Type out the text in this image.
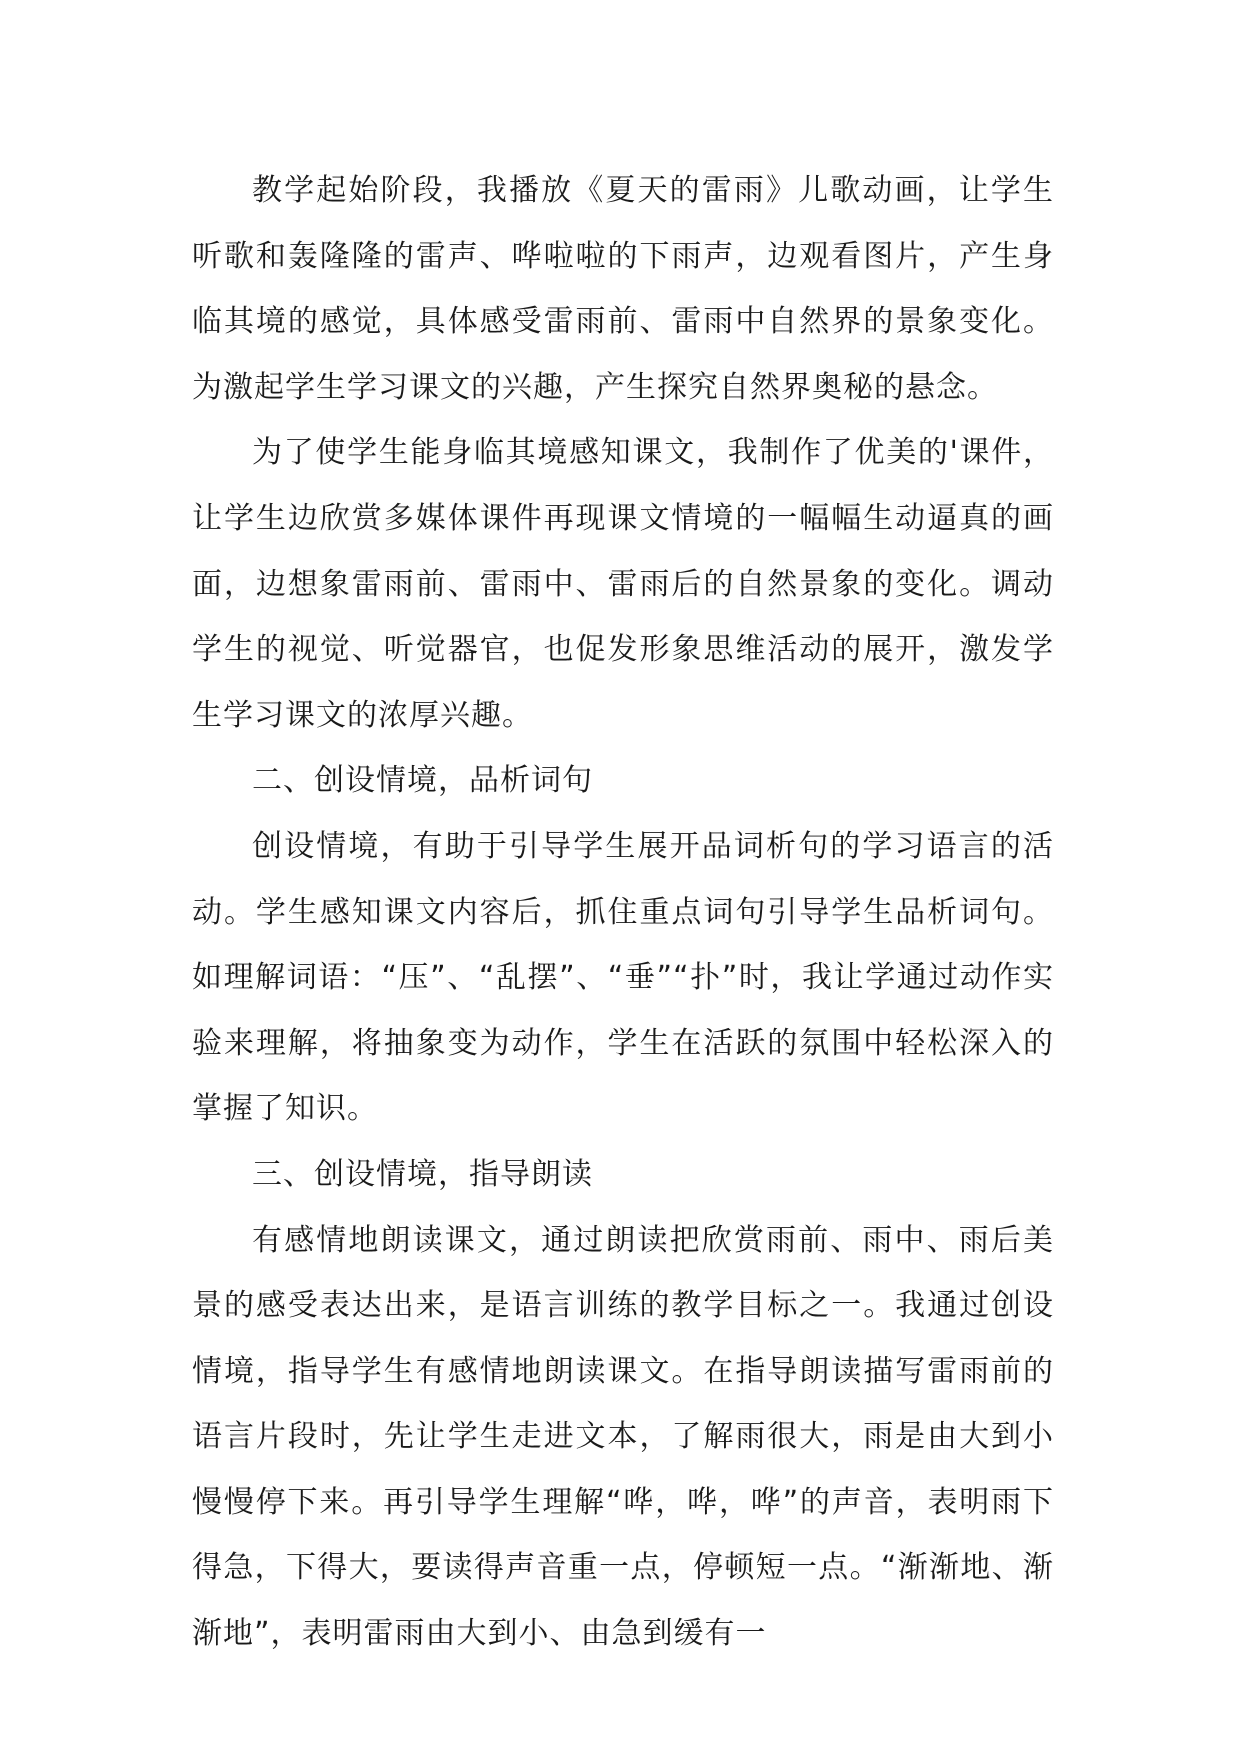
教学起始阶段，我播放《夏天的雷雨》儿歌动画，让学生听歌和轰隆隆的雷声、哗啦啦的下雨声，边观看图片，产生身临其境的感觉，具体感受雷雨前、雷雨中自然界的景象变化。为激起学生学习课文的兴趣，产生探究自然界奥秘的悬念。

为了使学生能身临其境感知课文，我制作了优美的'课件，让学生边欣赏多媒体课件再现课文情境的一幅幅生动逼真的画面，边想象雷雨前、雷雨中、雷雨后的自然景象的变化。调动学生的视觉、听觉器官，也促发形象思维活动的展开，激发学生学习课文的浓厚兴趣。

二、创设情境，品析词句

创设情境，有助于引导学生展开品词析句的学习语言的活动。学生感知课文内容后，抓住重点词句引导学生品析词句。如理解词语：“压”、“乱摆”、“垂”“扑”时，我让学通过动作实验来理解，将抽象变为动作，学生在活跃的氛围中轻松深入的掌握了知识。

三、创设情境，指导朗读

有感情地朗读课文，通过朗读把欣赏雨前、雨中、雨后美景的感受表达出来，是语言训练的教学目标之一。我通过创设情境，指导学生有感情地朗读课文。在指导朗读描写雷雨前的语言片段时，先让学生走进文本，了解雨很大，雨是由大到小慢慢停下来。再引导学生理解“哗，哗，哗”的声音，表明雨下得急，下得大，要读得声音重一点，停顿短一点。“渐渐地、渐渐地”，表明雷雨由大到小、由急到缓有一
